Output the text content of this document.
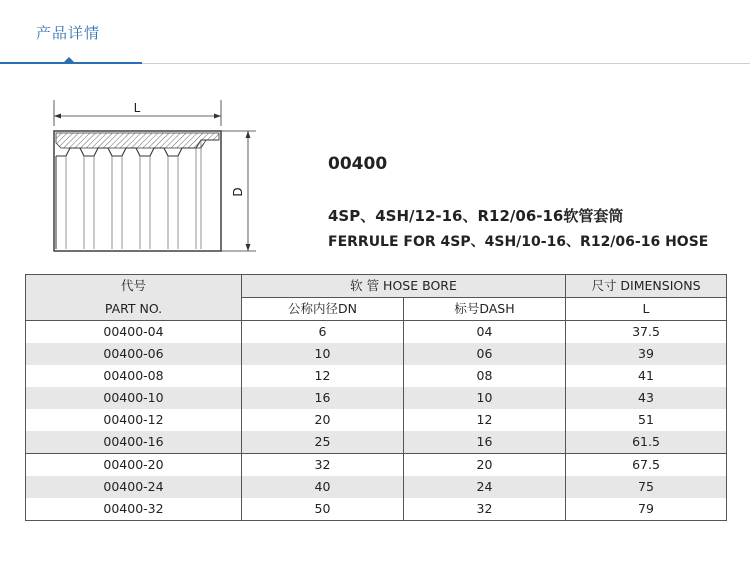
产品详情
L
D
00400
4SP、4SH/12-16、R12/06-16软管套筒
FERRULE FOR 4SP、4SH/10-16、R12/06-16 HOSE
代号	软 管 HOSE BORE		尺寸 DIMENSIONS
PART NO.	公称内径DN	标号DASH	L
00400-04	6	04	37.5
00400-06	10	06	39
00400-08	12	08	41
00400-10	16	10	43
00400-12	20	12	51
00400-16	25	16	61.5
00400-20	32	20	67.5
00400-24	40	24	75
00400-32	50	32	79
